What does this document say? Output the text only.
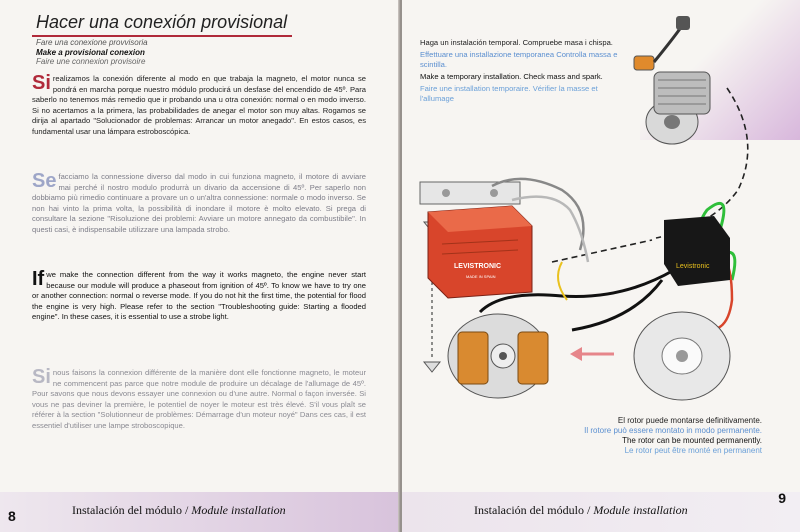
Hacer una conexión provisional
Fare una conexione provvisoria
Make a provisional conexion
Faire une connexion provisoire
Si realizamos la conexión diferente al modo en que trabaja la magneto, el motor nunca se pondrá en marcha porque nuestro módulo producirá un desfase del encendido de 45º. Para saberlo no tenemos más remedio que ir probando una u otra conexión: normal o en modo inverso. Si no acertamos a la primera, las probabilidades de anegar el motor son muy altas. Rogamos se dirija al apartado "Solucionador de problemas: Arrancar un motor anegado". En estos casos, es fundamental usar una lámpara estroboscópica.
Se facciamo la connessione diverso dal modo in cui funziona magneto, il motore di avviare mai perché il nostro modulo produrrà un divario da accensione di 45º. Per saperlo non dobbiamo più rimedio continuare a provare un o un'altra connessione: normale o modo inverso. Se non hai vinto la prima volta, la possibilità di inondare il motore è molto elevato. Si prega di consultare la sezione "Risoluzione dei problemi: Avviare un motore annegato da combustibile". In questi casi, è indispensabile utilizzare una lampada strobo.
If we make the connection different from the way it works magneto, the engine never start because our module will produce a phaseout from ignition of 45º. To know we have to try one or another connection: normal o reverse mode. If you do not hit the first time, the potential for flood the engine is very high. Please refer to the section "Troubleshooting guide: Starting a flooded engine". In these cases, it is essential to use a strobe light.
Si nous faisons la connexion différente de la manière dont elle fonctionne magneto, le moteur ne commencent pas parce que notre module de produire un décalage de l'allumage de 45º. Pour savons que nous devons essayer une connexion ou d'une autre. Normal o façon inversée. Si vous ne pas deviner la première, le potentiel de noyer le moteur est très élevé. S'il vous plaît se référer à la section "Solutionneur de problèmes: Démarrage d'un moteur noyé" Dans ces cas, il est essentiel d'utiliser une lampe stroboscopique.
Instalación del módulo / Module installation
8

Haga un instalación temporal. Compruebe masa i chispa.

Effettuare una installazione temporanea Controlla massa e scintilla.

Make a temporary installation. Check mass and spark.

Faire une installation temporaire. Vérifier la masse et l'allumage

LEVISTRONIC
MADE IN SPAIN
Levistronic

El rotor puede montarse definitivamente.

Il rotore può essere montato in modo permanente.

The rotor can be mounted permanently.

Le rotor peut être monté en permanent

Instalación del módulo / Module installation
9
